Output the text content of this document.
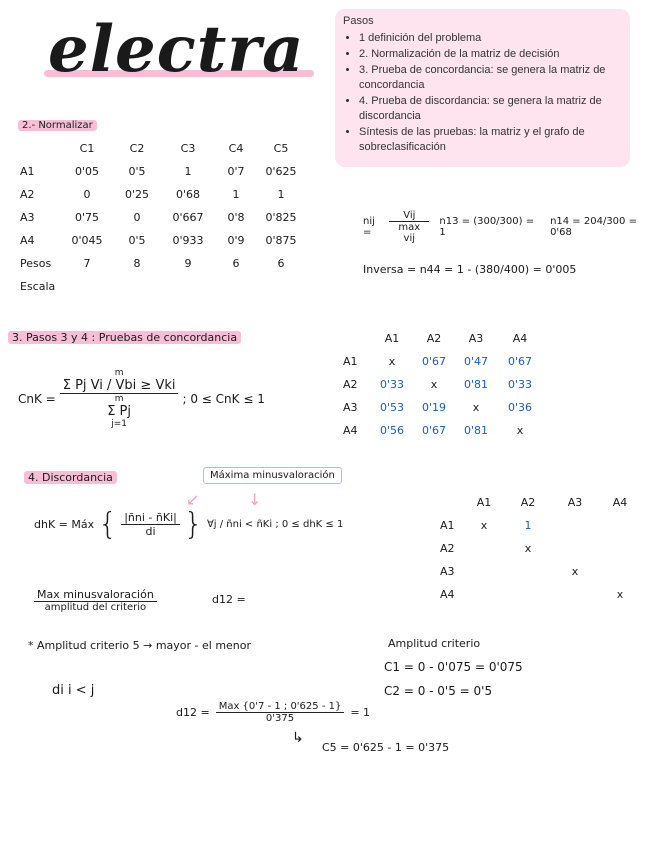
electra	Pasos
• 1 definición del problema
• 2. Normalización de la matriz de decisión
• 3. Prueba de concordancia: se genera la matriz de concordancia
• 4. Prueba de discordancia: se genera la matriz de discordancia
• Síntesis de las pruebas: la matriz y el grafo de sobreclasificación
2.- Normalizar
	C1	C2	C3	C4	C5
A1	0'05	0'5	1	0'7	0'625
A2	0	0'25	0'68	1	1
A3	0'75	0	0'667	0'8	0'825
A4	0'045	0'5	0'933	0'9	0'875
Pesos	7	8	9	6	6
Escala					
nij =	$\frac{\text{Vij}}{\text{max vij}} n13 = (300/300) = 1$
n14 = 204/300 = 0'68
Inversa = n44 = 1 - (380/400) = 0'005
3. Pasos 3 y 4 : Pruebas de concordancia
CnK =
m
Σ Pj Vi / Vbi ≥ Vki
m
Σ Pj
j=1
; 0 ≤ CnK ≤ 1
	A1	A2	A3	A4
A1	x	0'67	0'47	0'67
A2	0'33	x	0'81	0'33
A3	0'53	0'19	x	0'36
A4	0'56	0'67	0'81	x
4. Discordancia	Máxima minusvaloración
↙	↓
dhK = Máx { $\frac{\text{|ñni - ñKi|}}{di}$ } ∀j / ñni < ñKi ; 0 ≤ dhK ≤ 1
	A1	A2	A3	A4
A1	x	1		
A2		x		
A3			x	
A4				x
$\frac{\text{Max minusvaloración}}{\text{amplitud del criterio}}$	d12 =
* Amplitud criterio 5 → mayor - el menor	Amplitud criterio
C1 = 0 - 0'075 = 0'075
C2 = 0 - 0'5 = 0'5
di i < j
$d12 = \frac{\text{Max \{0'7 - 1 ; 0'625 - 1\}}}{0'375} = 1$
↳
C5 = 0'625 - 1 = 0'375
